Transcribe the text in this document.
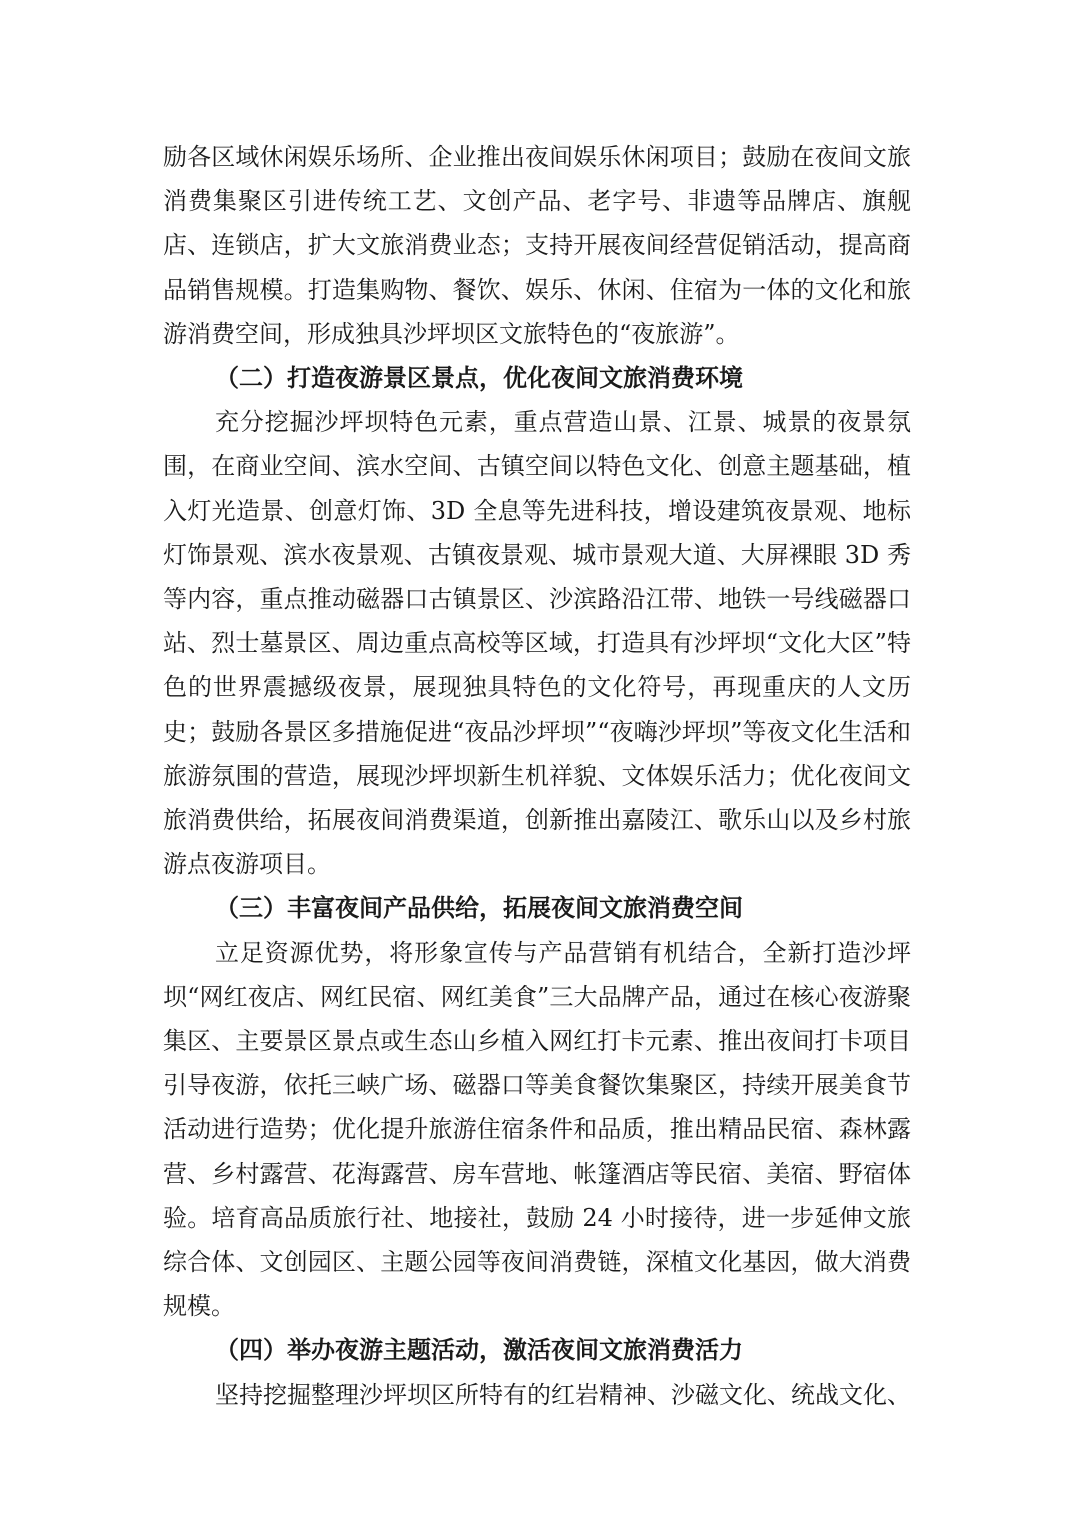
励各区域休闲娱乐场所、企业推出夜间娱乐休闲项目；鼓励在夜间文旅消费集聚区引进传统工艺、文创产品、老字号、非遗等品牌店、旗舰店、连锁店，扩大文旅消费业态；支持开展夜间经营促销活动，提高商品销售规模。打造集购物、餐饮、娱乐、休闲、住宿为一体的文化和旅游消费空间，形成独具沙坪坝区文旅特色的“夜旅游”。

（二）打造夜游景区景点，优化夜间文旅消费环境

充分挖掘沙坪坝特色元素，重点营造山景、江景、城景的夜景氛围，在商业空间、滨水空间、古镇空间以特色文化、创意主题基础，植入灯光造景、创意灯饰、3D 全息等先进科技，增设建筑夜景观、地标灯饰景观、滨水夜景观、古镇夜景观、城市景观大道、大屏裸眼 3D 秀等内容，重点推动磁器口古镇景区、沙滨路沿江带、地铁一号线磁器口站、烈士墓景区、周边重点高校等区域，打造具有沙坪坝“文化大区”特色的世界震撼级夜景，展现独具特色的文化符号，再现重庆的人文历史；鼓励各景区多措施促进“夜品沙坪坝”“夜嗨沙坪坝”等夜文化生活和旅游氛围的营造，展现沙坪坝新生机祥貌、文体娱乐活力；优化夜间文旅消费供给，拓展夜间消费渠道，创新推出嘉陵江、歌乐山以及乡村旅游点夜游项目。

（三）丰富夜间产品供给，拓展夜间文旅消费空间

立足资源优势，将形象宣传与产品营销有机结合，全新打造沙坪坝“网红夜店、网红民宿、网红美食”三大品牌产品，通过在核心夜游聚集区、主要景区景点或生态山乡植入网红打卡元素、推出夜间打卡项目引导夜游，依托三峡广场、磁器口等美食餐饮集聚区，持续开展美食节活动进行造势；优化提升旅游住宿条件和品质，推出精品民宿、森林露营、乡村露营、花海露营、房车营地、帐篷酒店等民宿、美宿、野宿体验。培育高品质旅行社、地接社，鼓励 24 小时接待，进一步延伸文旅综合体、文创园区、主题公园等夜间消费链，深植文化基因，做大消费规模。

（四）举办夜游主题活动，激活夜间文旅消费活力

坚持挖掘整理沙坪坝区所特有的红岩精神、沙磁文化、统战文化、
